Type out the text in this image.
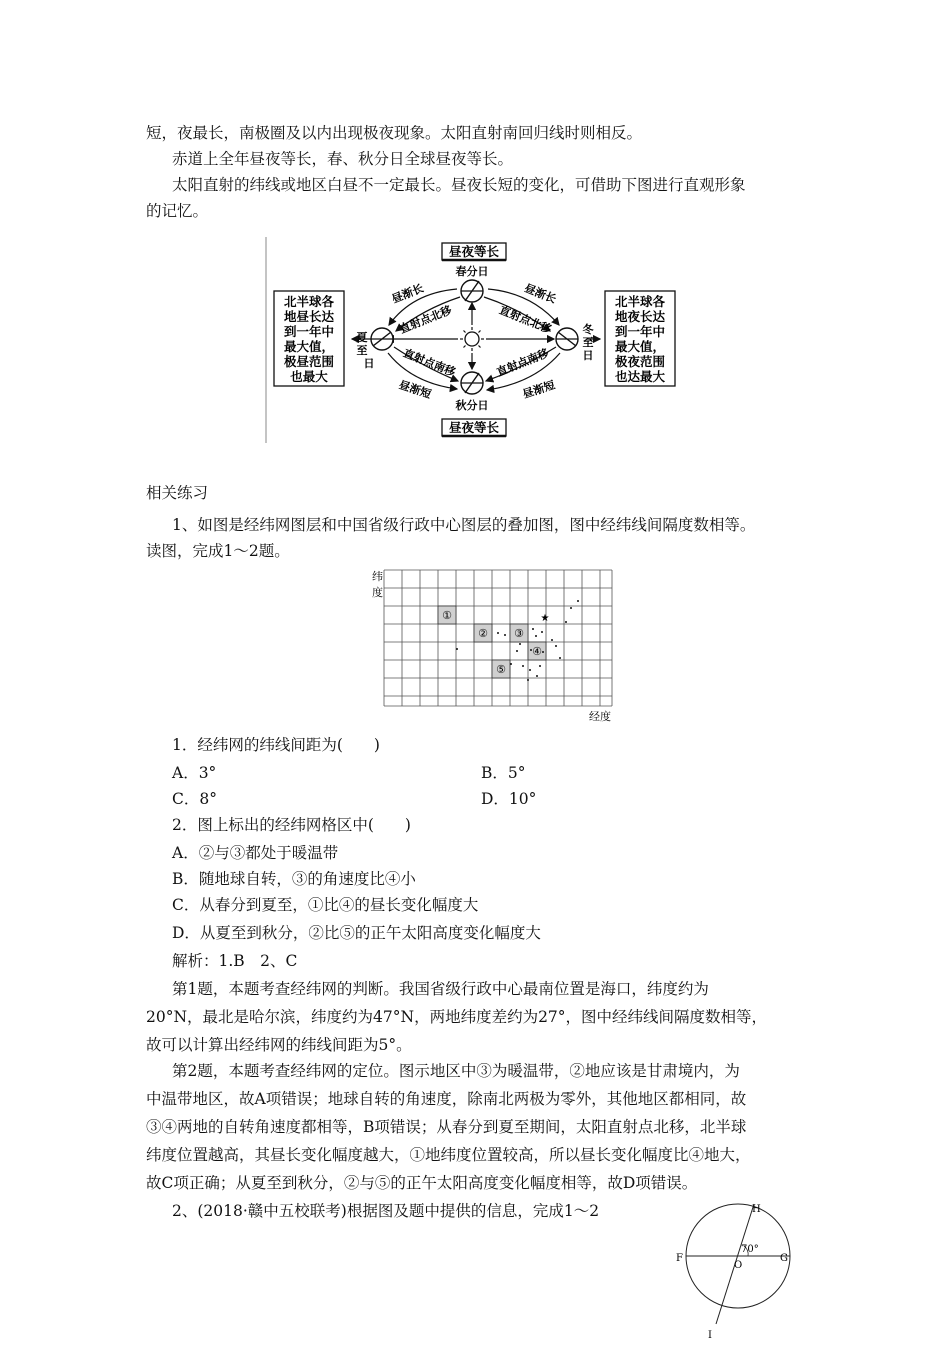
短，夜最长，南极圈及以内出现极夜现象。太阳直射南回归线时则相反。
赤道上全年昼夜等长，春、秋分日全球昼夜等长。
太阳直射的纬线或地区白昼不一定最长。昼夜长短的变化，可借助下图进行直观形象
的记忆。
昼夜等长
昼夜等长
北半球各
地昼长达
到一年中
最大值，
极昼范围
也最大
北半球各
地夜长达
到一年中
最大值，
极夜范围
也达最大
春分日
秋分日
夏
至
日
冬
至
日
昼渐长
直射点北移
昼渐长
直射点北移
直射点南移
昼渐短
直射点南移
昼渐短
相关练习
1、如图是经纬网图层和中国省级行政中心图层的叠加图，图中经纬线间隔度数相等。
读图，完成1～2题。
纬
度
经度
①
② ③
④
⑤
★
1．经纬网的纬线间距为(　　)
A．3°	B．5°
C．8°	D．10°
2．图上标出的经纬网格区中(　　)
A．②与③都处于暖温带
B．随地球自转，③的角速度比④小
C．从春分到夏至，①比④的昼长变化幅度大
D．从夏至到秋分，②比⑤的正午太阳高度变化幅度大
解析：1.B　2、C
第1题，本题考查经纬网的判断。我国省级行政中心最南位置是海口，纬度约为
20°N，最北是哈尔滨，纬度约为47°N，两地纬度差约为27°，图中经纬线间隔度数相等，
故可以计算出经纬网的纬线间距为5°。
第2题，本题考查经纬网的定位。图示地区中③为暖温带，②地应该是甘肃境内，为
中温带地区，故A项错误；地球自转的角速度，除南北两极为零外，其他地区都相同，故
③④两地的自转角速度都相等，B项错误；从春分到夏至期间，太阳直射点北移，北半球
纬度位置越高，其昼长变化幅度越大，①地纬度位置较高，所以昼长变化幅度比④地大，
故C项正确；从夏至到秋分，②与⑤的正午太阳高度变化幅度相等，故D项错误。
2、(2018·赣中五校联考)根据图及题中提供的信息，完成1～2	H
F	G
O
I
70°
